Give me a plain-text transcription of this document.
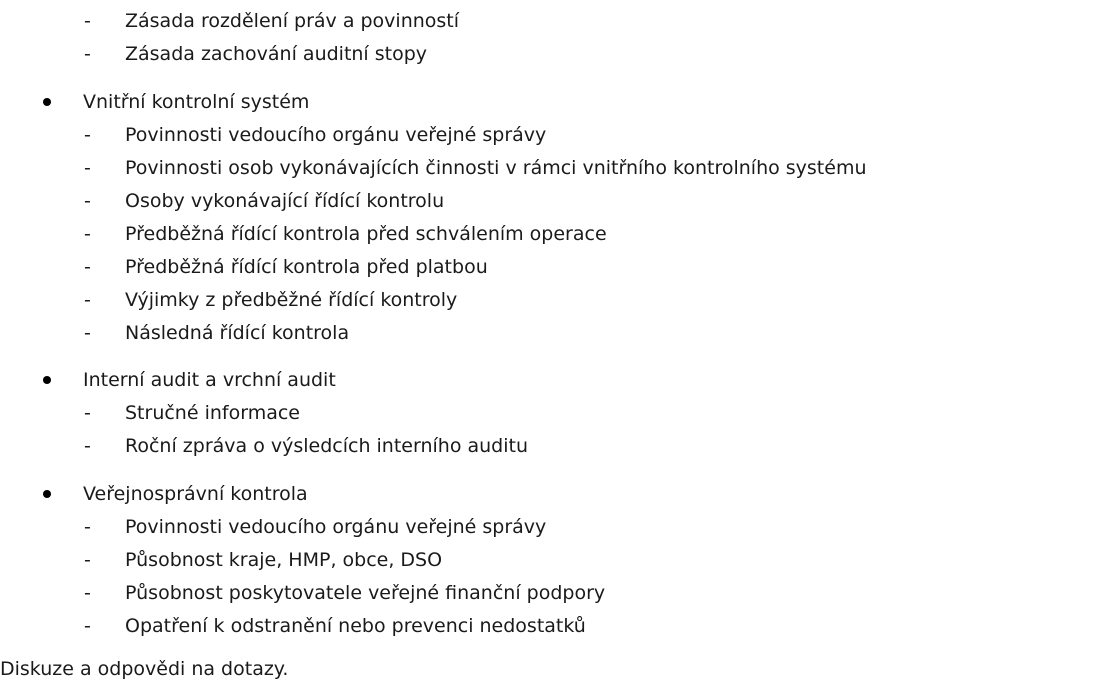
-	Zásada rozdělení práv a povinností
-	Zásada zachování auditní stopy
Vnitřní kontrolní systém
-	Povinnosti vedoucího orgánu veřejné správy
-	Povinnosti osob vykonávajících činnosti v rámci vnitřního kontrolního systému
-	Osoby vykonávající řídící kontrolu
-	Předběžná řídící kontrola před schválením operace
-	Předběžná řídící kontrola před platbou
-	Výjimky z předběžné řídící kontroly
-	Následná řídící kontrola
Interní audit a vrchní audit
-	Stručné informace
-	Roční zpráva o výsledcích interního auditu
Veřejnosprávní kontrola
-	Povinnosti vedoucího orgánu veřejné správy
-	Působnost kraje, HMP, obce, DSO
-	Působnost poskytovatele veřejné finanční podpory
-	Opatření k odstranění nebo prevenci nedostatků
Diskuze a odpovědi na dotazy.
